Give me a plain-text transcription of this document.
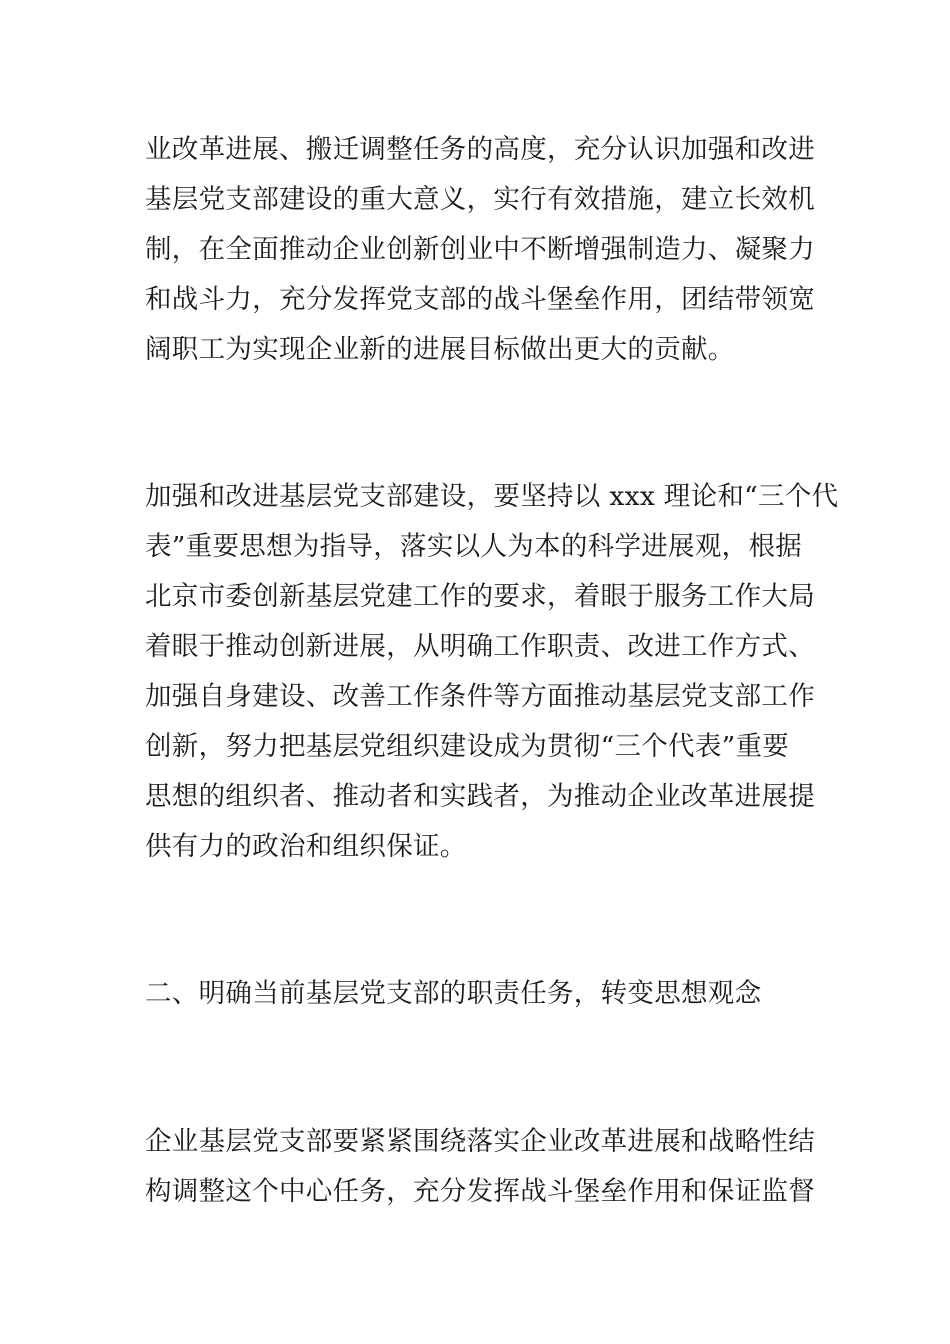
业改革进展、搬迁调整任务的高度，充分认识加强和改进

基层党支部建设的重大意义，实行有效措施，建立长效机

制，在全面推动企业创新创业中不断增强制造力、凝聚力

和战斗力，充分发挥党支部的战斗堡垒作用，团结带领宽

阔职工为实现企业新的进展目标做出更大的贡献。

加强和改进基层党支部建设，要坚持以 xxx 理论和“三个代

表”重要思想为指导，落实以人为本的科学进展观，根据

北京市委创新基层党建工作的要求，着眼于服务工作大局

着眼于推动创新进展，从明确工作职责、改进工作方式、

加强自身建设、改善工作条件等方面推动基层党支部工作

创新，努力把基层党组织建设成为贯彻“三个代表”重要

思想的组织者、推动者和实践者，为推动企业改革进展提

供有力的政治和组织保证。

二、明确当前基层党支部的职责任务，转变思想观念

企业基层党支部要紧紧围绕落实企业改革进展和战略性结

构调整这个中心任务，充分发挥战斗堡垒作用和保证监督
